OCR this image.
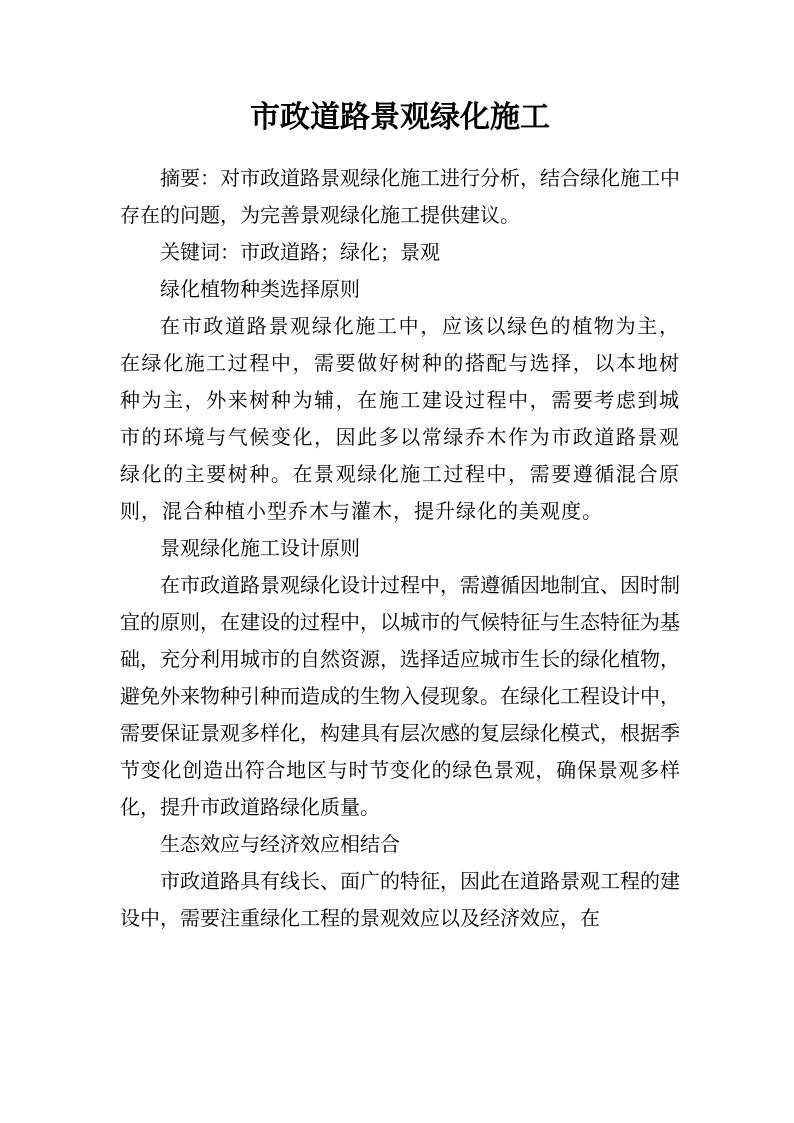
市政道路景观绿化施工

摘要：对市政道路景观绿化施工进行分析，结合绿化施工中存在的问题，为完善景观绿化施工提供建议。

关键词：市政道路；绿化；景观

绿化植物种类选择原则

在市政道路景观绿化施工中，应该以绿色的植物为主，在绿化施工过程中，需要做好树种的搭配与选择，以本地树种为主，外来树种为辅，在施工建设过程中，需要考虑到城市的环境与气候变化，因此多以常绿乔木作为市政道路景观绿化的主要树种。在景观绿化施工过程中，需要遵循混合原则，混合种植小型乔木与灌木，提升绿化的美观度。

景观绿化施工设计原则

在市政道路景观绿化设计过程中，需遵循因地制宜、因时制宜的原则，在建设的过程中，以城市的气候特征与生态特征为基础，充分利用城市的自然资源，选择适应城市生长的绿化植物，避免外来物种引种而造成的生物入侵现象。在绿化工程设计中，需要保证景观多样化，构建具有层次感的复层绿化模式，根据季节变化创造出符合地区与时节变化的绿色景观，确保景观多样化，提升市政道路绿化质量。

生态效应与经济效应相结合

市政道路具有线长、面广的特征，因此在道路景观工程的建设中，需要注重绿化工程的景观效应以及经济效应，在
